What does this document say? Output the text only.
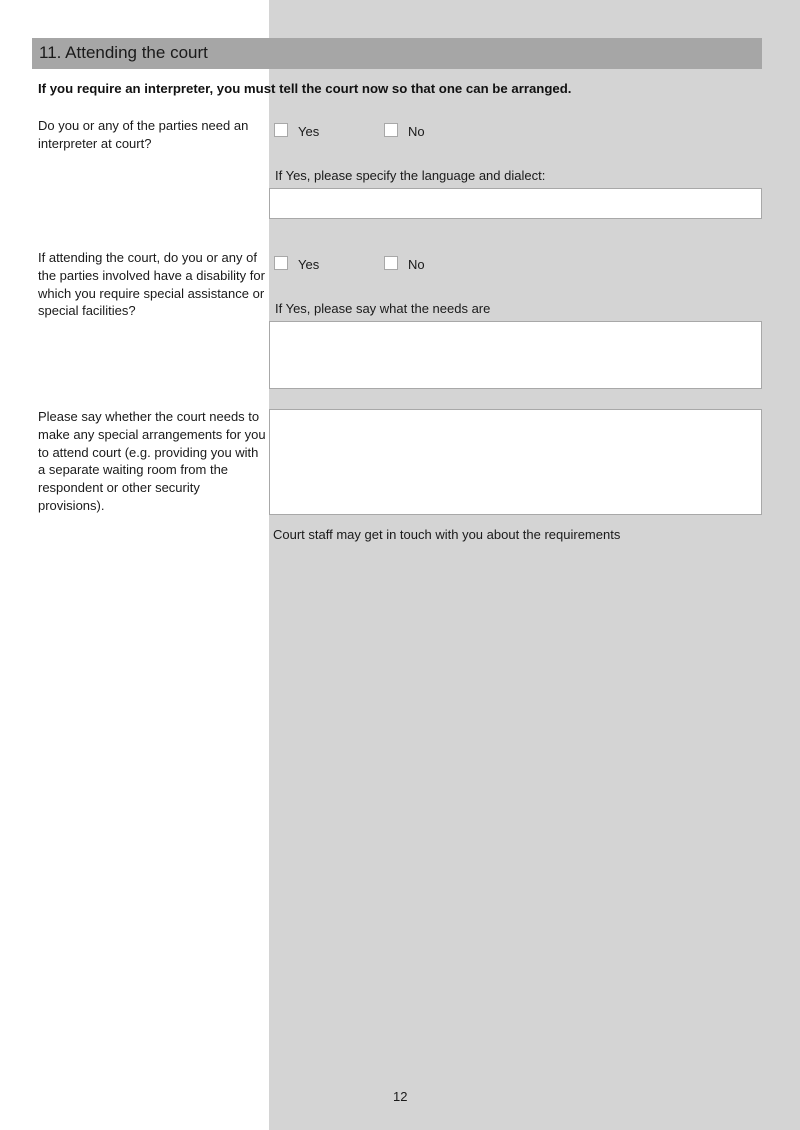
11. Attending the court
If you require an interpreter, you must tell the court now so that one can be arranged.
Do you or any of the parties need an interpreter at court?
Yes	No
If Yes, please specify the language and dialect:
If attending the court, do you or any of the parties involved have a disability for which you require special assistance or special facilities?
Yes	No
If Yes, please say what the needs are
Please say whether the court needs to make any special arrangements for you to attend court (e.g. providing you with a separate waiting room from the respondent or other security provisions).
Court staff may get in touch with you about the requirements
12
